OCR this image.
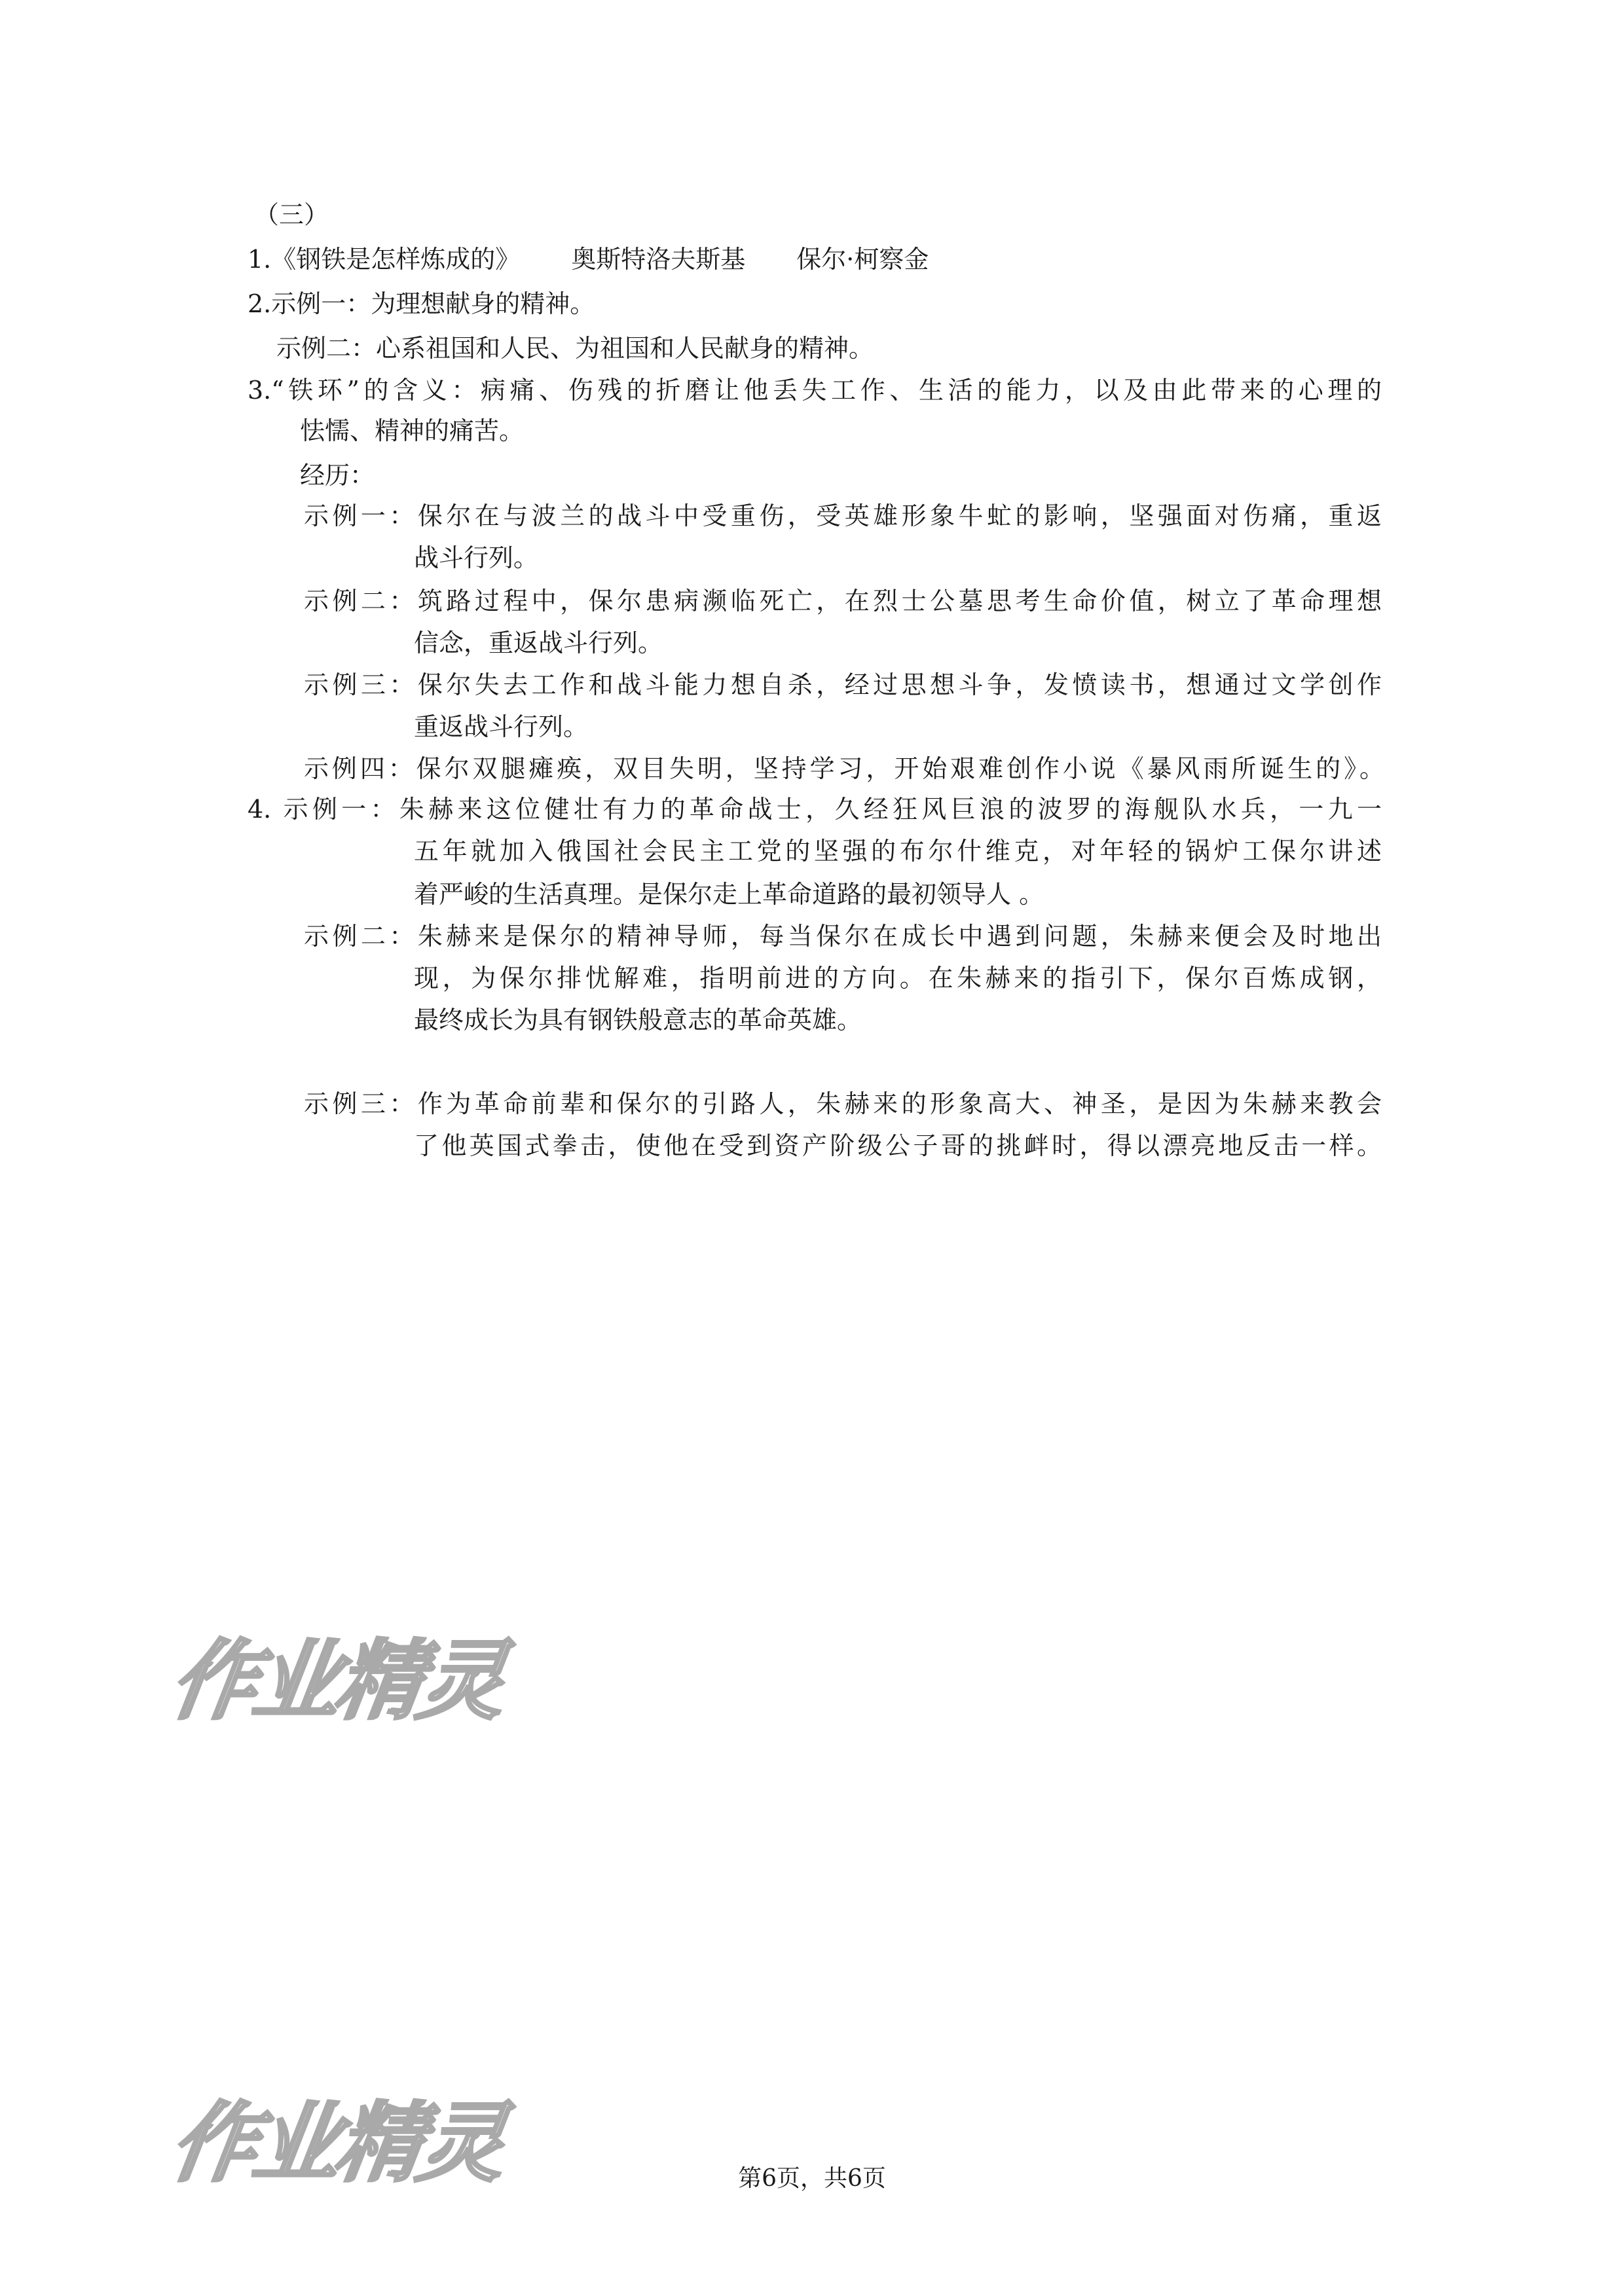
（三）
1.《钢铁是怎样炼成的》 奥斯特洛夫斯基 保尔·柯察金
2.示例一：为理想献身的精神。
示例二：心系祖国和人民、为祖国和人民献身的精神。
3.“铁环”的含义：病痛、伤残的折磨让他丢失工作、生活的能力，以及由此带来的心理的
怯懦、精神的痛苦。
经历：
示例一：保尔在与波兰的战斗中受重伤，受英雄形象牛虻的影响，坚强面对伤痛，重返
战斗行列。
示例二：筑路过程中，保尔患病濒临死亡，在烈士公墓思考生命价值，树立了革命理想
信念，重返战斗行列。
示例三：保尔失去工作和战斗能力想自杀，经过思想斗争，发愤读书，想通过文学创作
重返战斗行列。
示例四：保尔双腿瘫痪，双目失明，坚持学习，开始艰难创作小说《暴风雨所诞生的》。
4. 示例一：朱赫来这位健壮有力的革命战士，久经狂风巨浪的波罗的海舰队水兵，一九一
五年就加入俄国社会民主工党的坚强的布尔什维克，对年轻的锅炉工保尔讲述
着严峻的生活真理。是保尔走上革命道路的最初领导人 。
示例二：朱赫来是保尔的精神导师，每当保尔在成长中遇到问题，朱赫来便会及时地出
现，为保尔排忧解难，指明前进的方向。在朱赫来的指引下，保尔百炼成钢，
最终成长为具有钢铁般意志的革命英雄。
示例三：作为革命前辈和保尔的引路人，朱赫来的形象高大、神圣，是因为朱赫来教会
了他英国式拳击，使他在受到资产阶级公子哥的挑衅时，得以漂亮地反击一样。
作业精灵
作业精灵	第6页，共6页
